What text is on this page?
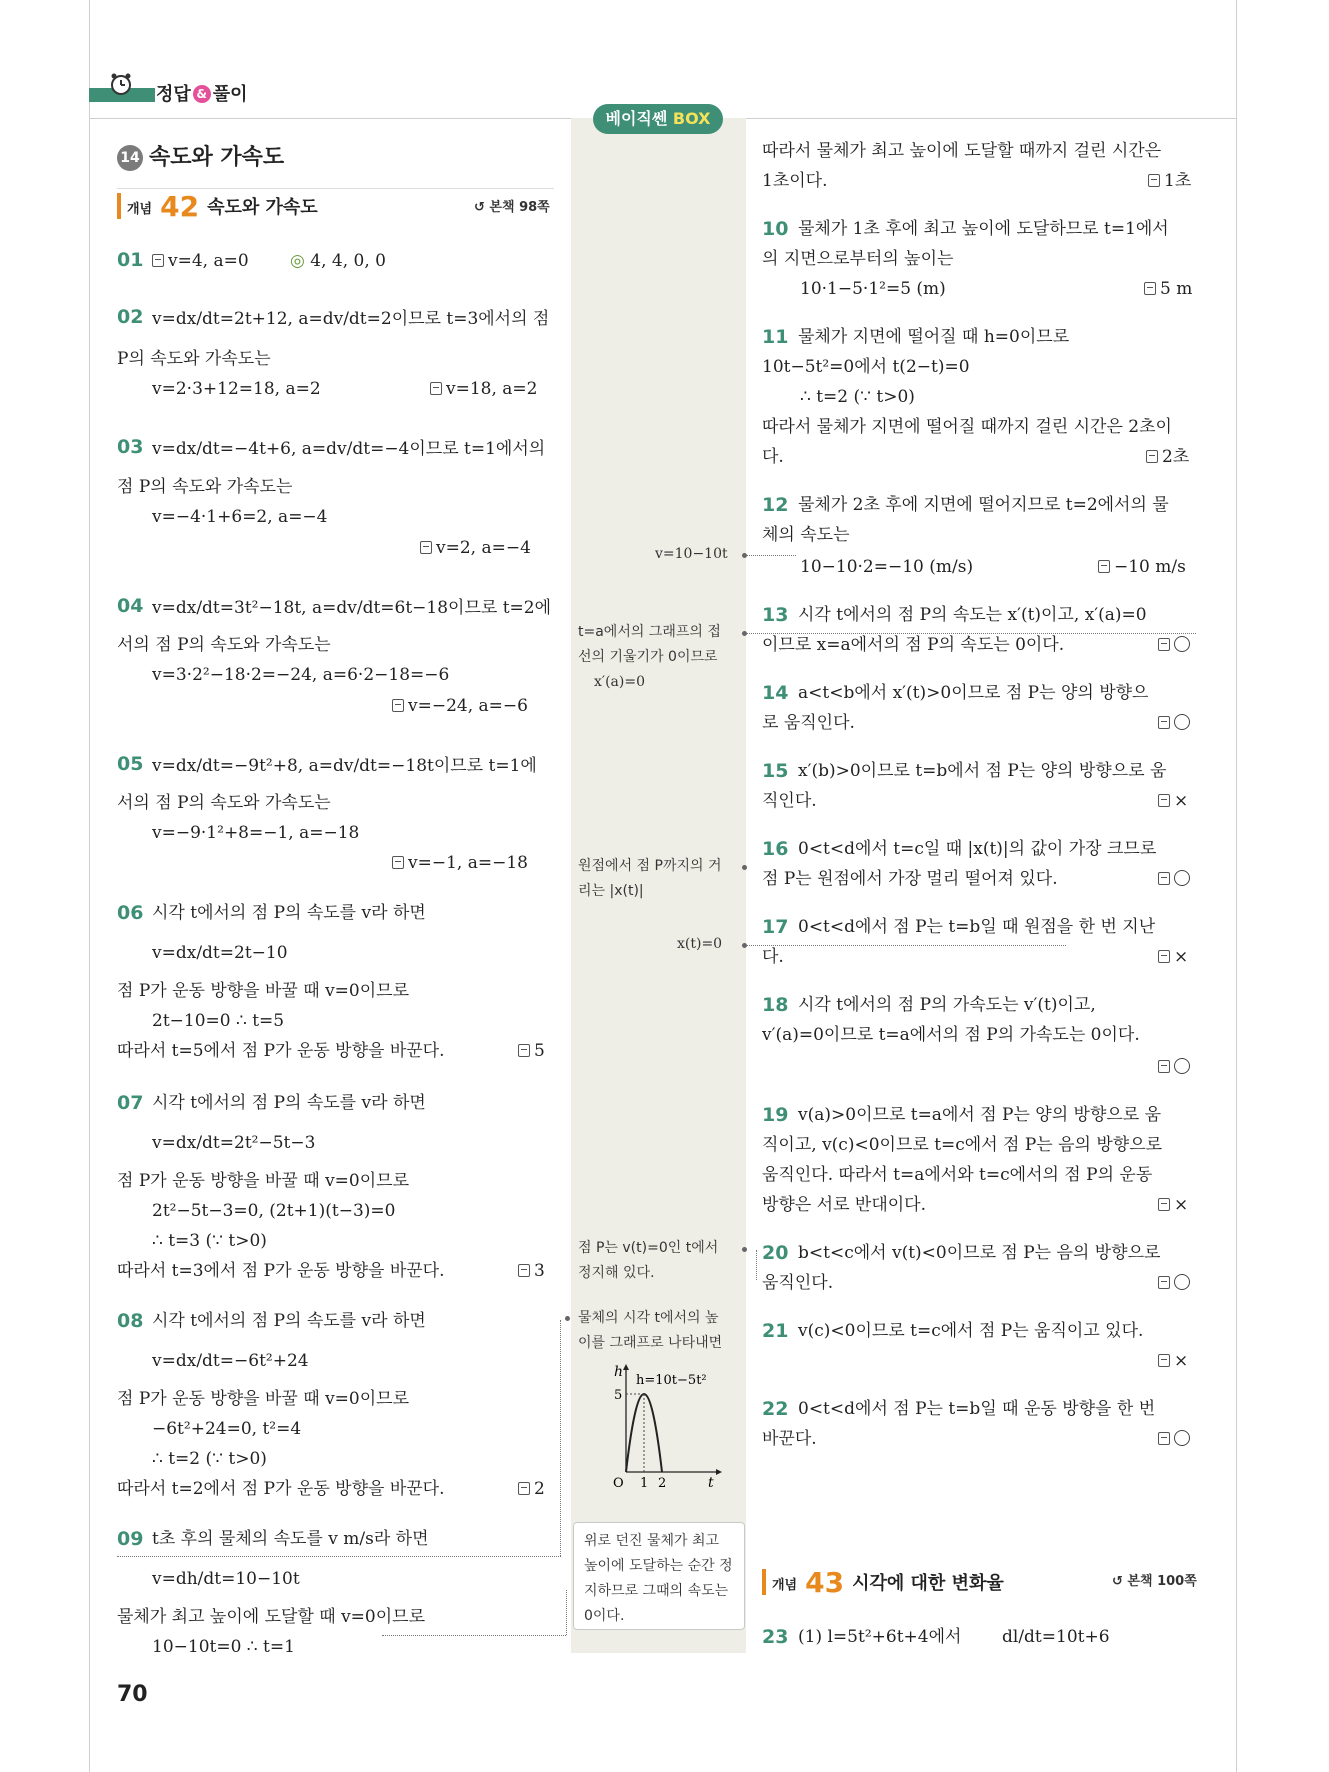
정답 & 풀이
베이직쎈 BOX
14 속도와 가속도
개념 42 속도와 가속도	↺ 본책 98쪽
01	v=4, a=0 ◎ 4, 4, 0, 0
02 v=dx/dt=2t+12, a=dv/dt=2이므로 t=3에서의 점
P의 속도와 가속도는
v=2·3+12=18, a=2	v=18, a=2
03 v=dx/dt=−4t+6, a=dv/dt=−4이므로 t=1에서의
점 P의 속도와 가속도는
v=−4·1+6=2, a=−4
v=2, a=−4
04 v=dx/dt=3t²−18t, a=dv/dt=6t−18이므로 t=2에
서의 점 P의 속도와 가속도는
v=3·2²−18·2=−24, a=6·2−18=−6
v=−24, a=−6
05 v=dx/dt=−9t²+8, a=dv/dt=−18t이므로 t=1에
서의 점 P의 속도와 가속도는
v=−9·1²+8=−1, a=−18
v=−1, a=−18
06 시각 t에서의 점 P의 속도를 v라 하면
v=dx/dt=2t−10
점 P가 운동 방향을 바꿀 때 v=0이므로
2t−10=0 ∴ t=5
따라서 t=5에서 점 P가 운동 방향을 바꾼다.	5
07 시각 t에서의 점 P의 속도를 v라 하면
v=dx/dt=2t²−5t−3
점 P가 운동 방향을 바꿀 때 v=0이므로
2t²−5t−3=0, (2t+1)(t−3)=0
∴ t=3 (∵ t>0)
따라서 t=3에서 점 P가 운동 방향을 바꾼다.	3
08 시각 t에서의 점 P의 속도를 v라 하면
v=dx/dt=−6t²+24
점 P가 운동 방향을 바꿀 때 v=0이므로
−6t²+24=0, t²=4
∴ t=2 (∵ t>0)
따라서 t=2에서 점 P가 운동 방향을 바꾼다.	2
09 t초 후의 물체의 속도를 v m/s라 하면
v=dh/dt=10−10t
물체가 최고 높이에 도달할 때 v=0이므로
10−10t=0 ∴ t=1
70
v=10−10t
t=a에서의 그래프의 접
선의 기울기가 0이므로
x′(a)=0
원점에서 점 P까지의 거
리는 |x(t)|
x(t)=0
점 P는 v(t)=0인 t에서
정지해 있다.
물체의 시각 t에서의 높
이를 그래프로 나타내면
h
5
h=10t−5t²
O 1 2	t
위로 던진 물체가 최고
높이에 도달하는 순간 정
지하므로 그때의 속도는
0이다.
따라서 물체가 최고 높이에 도달할 때까지 걸린 시간은
1초이다.	1초
10 물체가 1초 후에 최고 높이에 도달하므로 t=1에서
의 지면으로부터의 높이는
10·1−5·1²=5 (m)	5 m
11 물체가 지면에 떨어질 때 h=0이므로
10t−5t²=0에서 t(2−t)=0
∴ t=2 (∵ t>0)
따라서 물체가 지면에 떨어질 때까지 걸린 시간은 2초이
다.	2초
12 물체가 2초 후에 지면에 떨어지므로 t=2에서의 물
체의 속도는
10−10·2=−10 (m/s)	−10 m/s
13 시각 t에서의 점 P의 속도는 x′(t)이고, x′(a)=0
이므로 x=a에서의 점 P의 속도는 0이다.
14 a<t<b에서 x′(t)>0이므로 점 P는 양의 방향으
로 움직인다.
15 x′(b)>0이므로 t=b에서 점 P는 양의 방향으로 움
직인다.	×
16 0<t<d에서 t=c일 때 |x(t)|의 값이 가장 크므로
점 P는 원점에서 가장 멀리 떨어져 있다.
17 0<t<d에서 점 P는 t=b일 때 원점을 한 번 지난
다.	×
18 시각 t에서의 점 P의 가속도는 v′(t)이고,
v′(a)=0이므로 t=a에서의 점 P의 가속도는 0이다.
19 v(a)>0이므로 t=a에서 점 P는 양의 방향으로 움
직이고, v(c)<0이므로 t=c에서 점 P는 음의 방향으로
움직인다. 따라서 t=a에서와 t=c에서의 점 P의 운동
방향은 서로 반대이다.	×
20 b<t<c에서 v(t)<0이므로 점 P는 음의 방향으로
움직인다.
21 v(c)<0이므로 t=c에서 점 P는 움직이고 있다.
×
22 0<t<d에서 점 P는 t=b일 때 운동 방향을 한 번
바꾼다.
개념 43 시각에 대한 변화율	↺ 본책 100쪽
23 (1) l=5t²+6t+4에서 dl/dt=10t+6
